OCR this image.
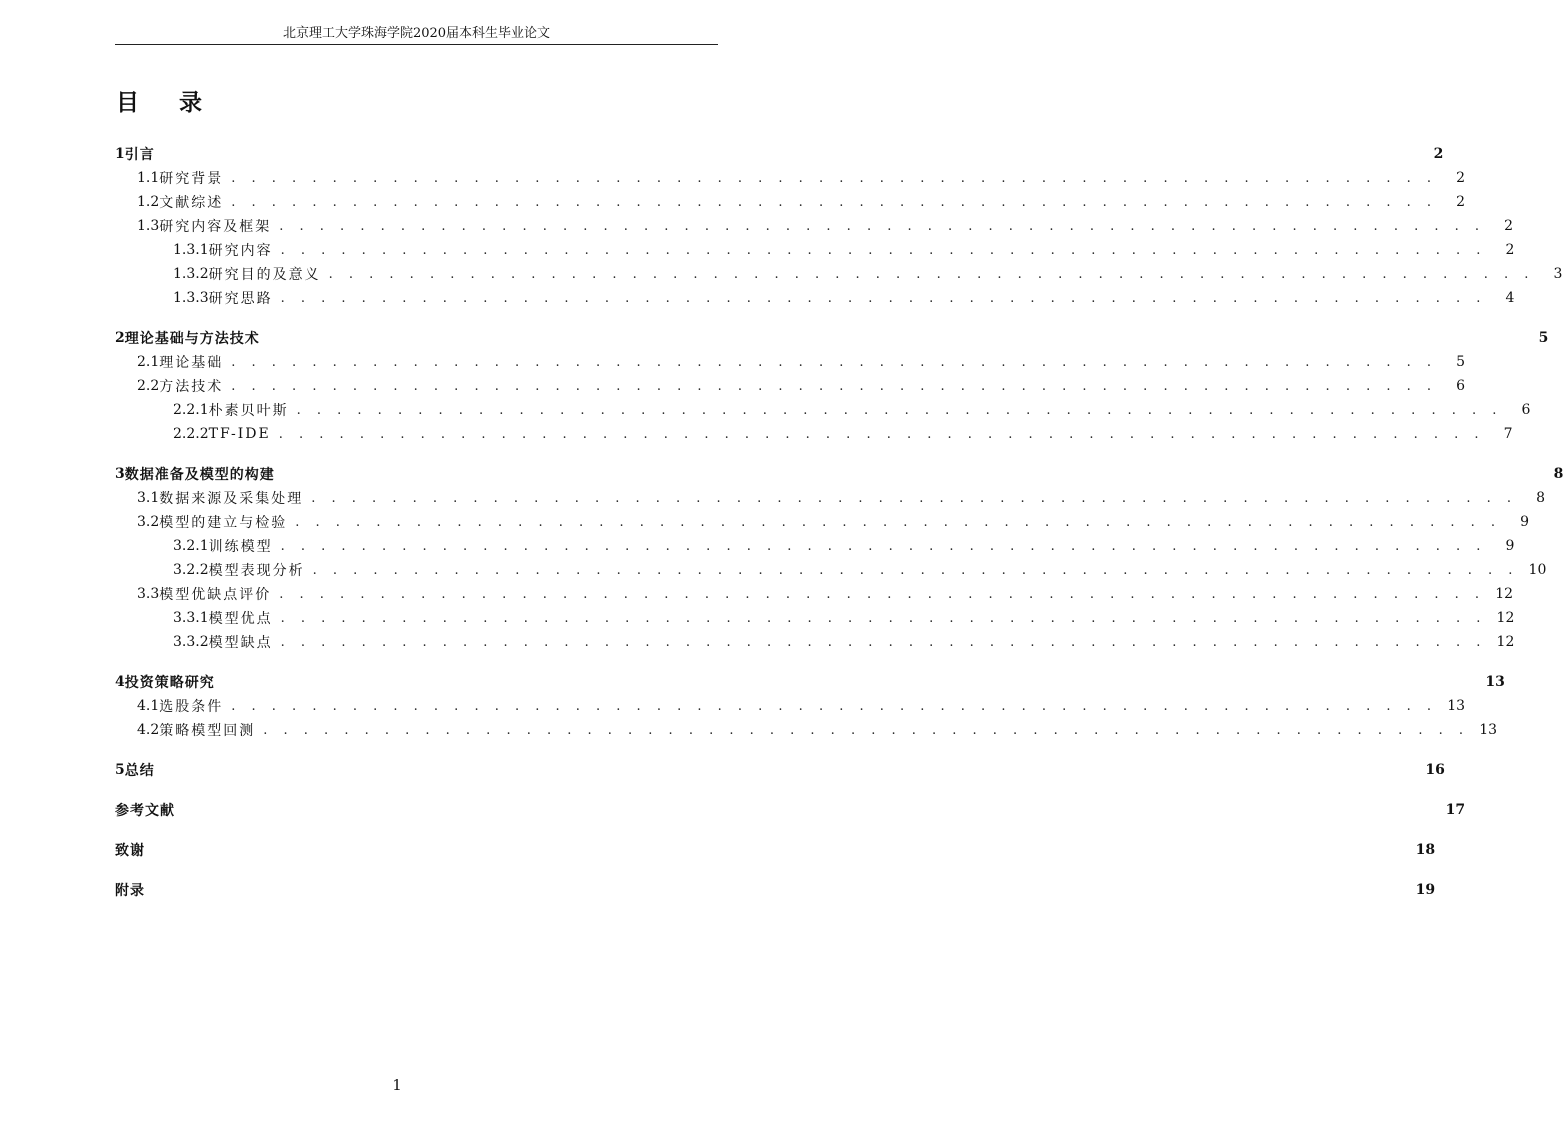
北京理工大学珠海学院2020届本科生毕业论文
目 录
1 引言	2
1.1 研究背景 . . . . . . . . . . . . . . . . . . . . . . . . . . . . . . . . . . . . . . . . . . . . . . . . . . . . . . . . . . . .	2
1.2 文献综述 . . . . . . . . . . . . . . . . . . . . . . . . . . . . . . . . . . . . . . . . . . . . . . . . . . . . . . . . . . . .	2
1.3 研究内容及框架 . . . . . . . . . . . . . . . . . . . . . . . . . . . . . . . . . . . . . . . . . . . . . . . . . . . . . . . . . . . .	2
1.3.1 研究内容 . . . . . . . . . . . . . . . . . . . . . . . . . . . . . . . . . . . . . . . . . . . . . . . . . . . . . . . . . . . .	2
1.3.2 研究目的及意义 . . . . . . . . . . . . . . . . . . . . . . . . . . . . . . . . . . . . . . . . . . . . . . . . . . . . . . . . . . . .	3
1.3.3 研究思路 . . . . . . . . . . . . . . . . . . . . . . . . . . . . . . . . . . . . . . . . . . . . . . . . . . . . . . . . . . . .	4
2 理论基础与方法技术	5
2.1 理论基础 . . . . . . . . . . . . . . . . . . . . . . . . . . . . . . . . . . . . . . . . . . . . . . . . . . . . . . . . . . . .	5
2.2 方法技术 . . . . . . . . . . . . . . . . . . . . . . . . . . . . . . . . . . . . . . . . . . . . . . . . . . . . . . . . . . . .	6
2.2.1 朴素贝叶斯 . . . . . . . . . . . . . . . . . . . . . . . . . . . . . . . . . . . . . . . . . . . . . . . . . . . . . . . . . . . .	6
2.2.2 TF-IDE . . . . . . . . . . . . . . . . . . . . . . . . . . . . . . . . . . . . . . . . . . . . . . . . . . . . . . . . . . . .	7
3 数据准备及模型的构建	8
3.1 数据来源及采集处理 . . . . . . . . . . . . . . . . . . . . . . . . . . . . . . . . . . . . . . . . . . . . . . . . . . . . . . . . . . . .	8
3.2 模型的建立与检验 . . . . . . . . . . . . . . . . . . . . . . . . . . . . . . . . . . . . . . . . . . . . . . . . . . . . . . . . . . . .	9
3.2.1 训练模型 . . . . . . . . . . . . . . . . . . . . . . . . . . . . . . . . . . . . . . . . . . . . . . . . . . . . . . . . . . . .	9
3.2.2 模型表现分析 . . . . . . . . . . . . . . . . . . . . . . . . . . . . . . . . . . . . . . . . . . . . . . . . . . . . . . . . . . . . 10
3.3 模型优缺点评价 . . . . . . . . . . . . . . . . . . . . . . . . . . . . . . . . . . . . . . . . . . . . . . . . . . . . . . . . . . . . 12
3.3.1 模型优点 . . . . . . . . . . . . . . . . . . . . . . . . . . . . . . . . . . . . . . . . . . . . . . . . . . . . . . . . . . . . 12
3.3.2 模型缺点 . . . . . . . . . . . . . . . . . . . . . . . . . . . . . . . . . . . . . . . . . . . . . . . . . . . . . . . . . . . . 12
4 投资策略研究	13
4.1 选股条件 . . . . . . . . . . . . . . . . . . . . . . . . . . . . . . . . . . . . . . . . . . . . . . . . . . . . . . . . . . . . 13
4.2 策略模型回测 . . . . . . . . . . . . . . . . . . . . . . . . . . . . . . . . . . . . . . . . . . . . . . . . . . . . . . . . . . . . 13
5 总结	16
参考文献	17
致谢	18
附录	19
1
